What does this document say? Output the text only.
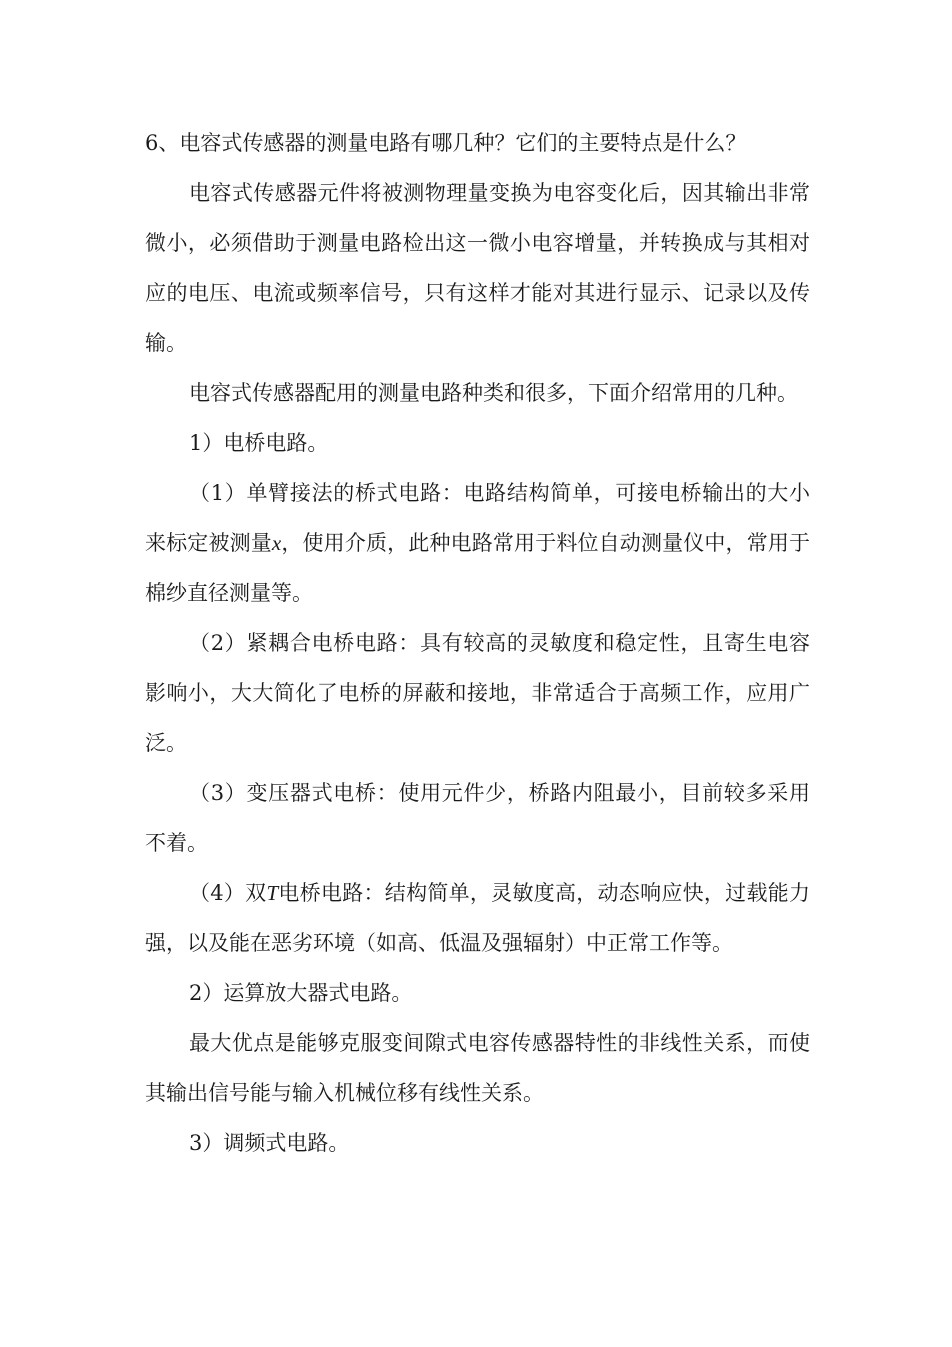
6、电容式传感器的测量电路有哪几种？它们的主要特点是什么？

电容式传感器元件将被测物理量变换为电容变化后，因其输出非常微小，必须借助于测量电路检出这一微小电容增量，并转换成与其相对应的电压、电流或频率信号，只有这样才能对其进行显示、记录以及传输。

电容式传感器配用的测量电路种类和很多，下面介绍常用的几种。

1）电桥电路。

（1）单臂接法的桥式电路：电路结构简单，可接电桥输出的大小来标定被测量x，使用介质，此种电路常用于料位自动测量仪中，常用于棉纱直径测量等。

（2）紧耦合电桥电路：具有较高的灵敏度和稳定性，且寄生电容影响小，大大简化了电桥的屏蔽和接地，非常适合于高频工作，应用广泛。

（3）变压器式电桥：使用元件少，桥路内阻最小，目前较多采用不着。

（4）双T电桥电路：结构简单，灵敏度高，动态响应快，过载能力强，以及能在恶劣环境（如高、低温及强辐射）中正常工作等。

2）运算放大器式电路。

最大优点是能够克服变间隙式电容传感器特性的非线性关系，而使其输出信号能与输入机械位移有线性关系。

3）调频式电路。
